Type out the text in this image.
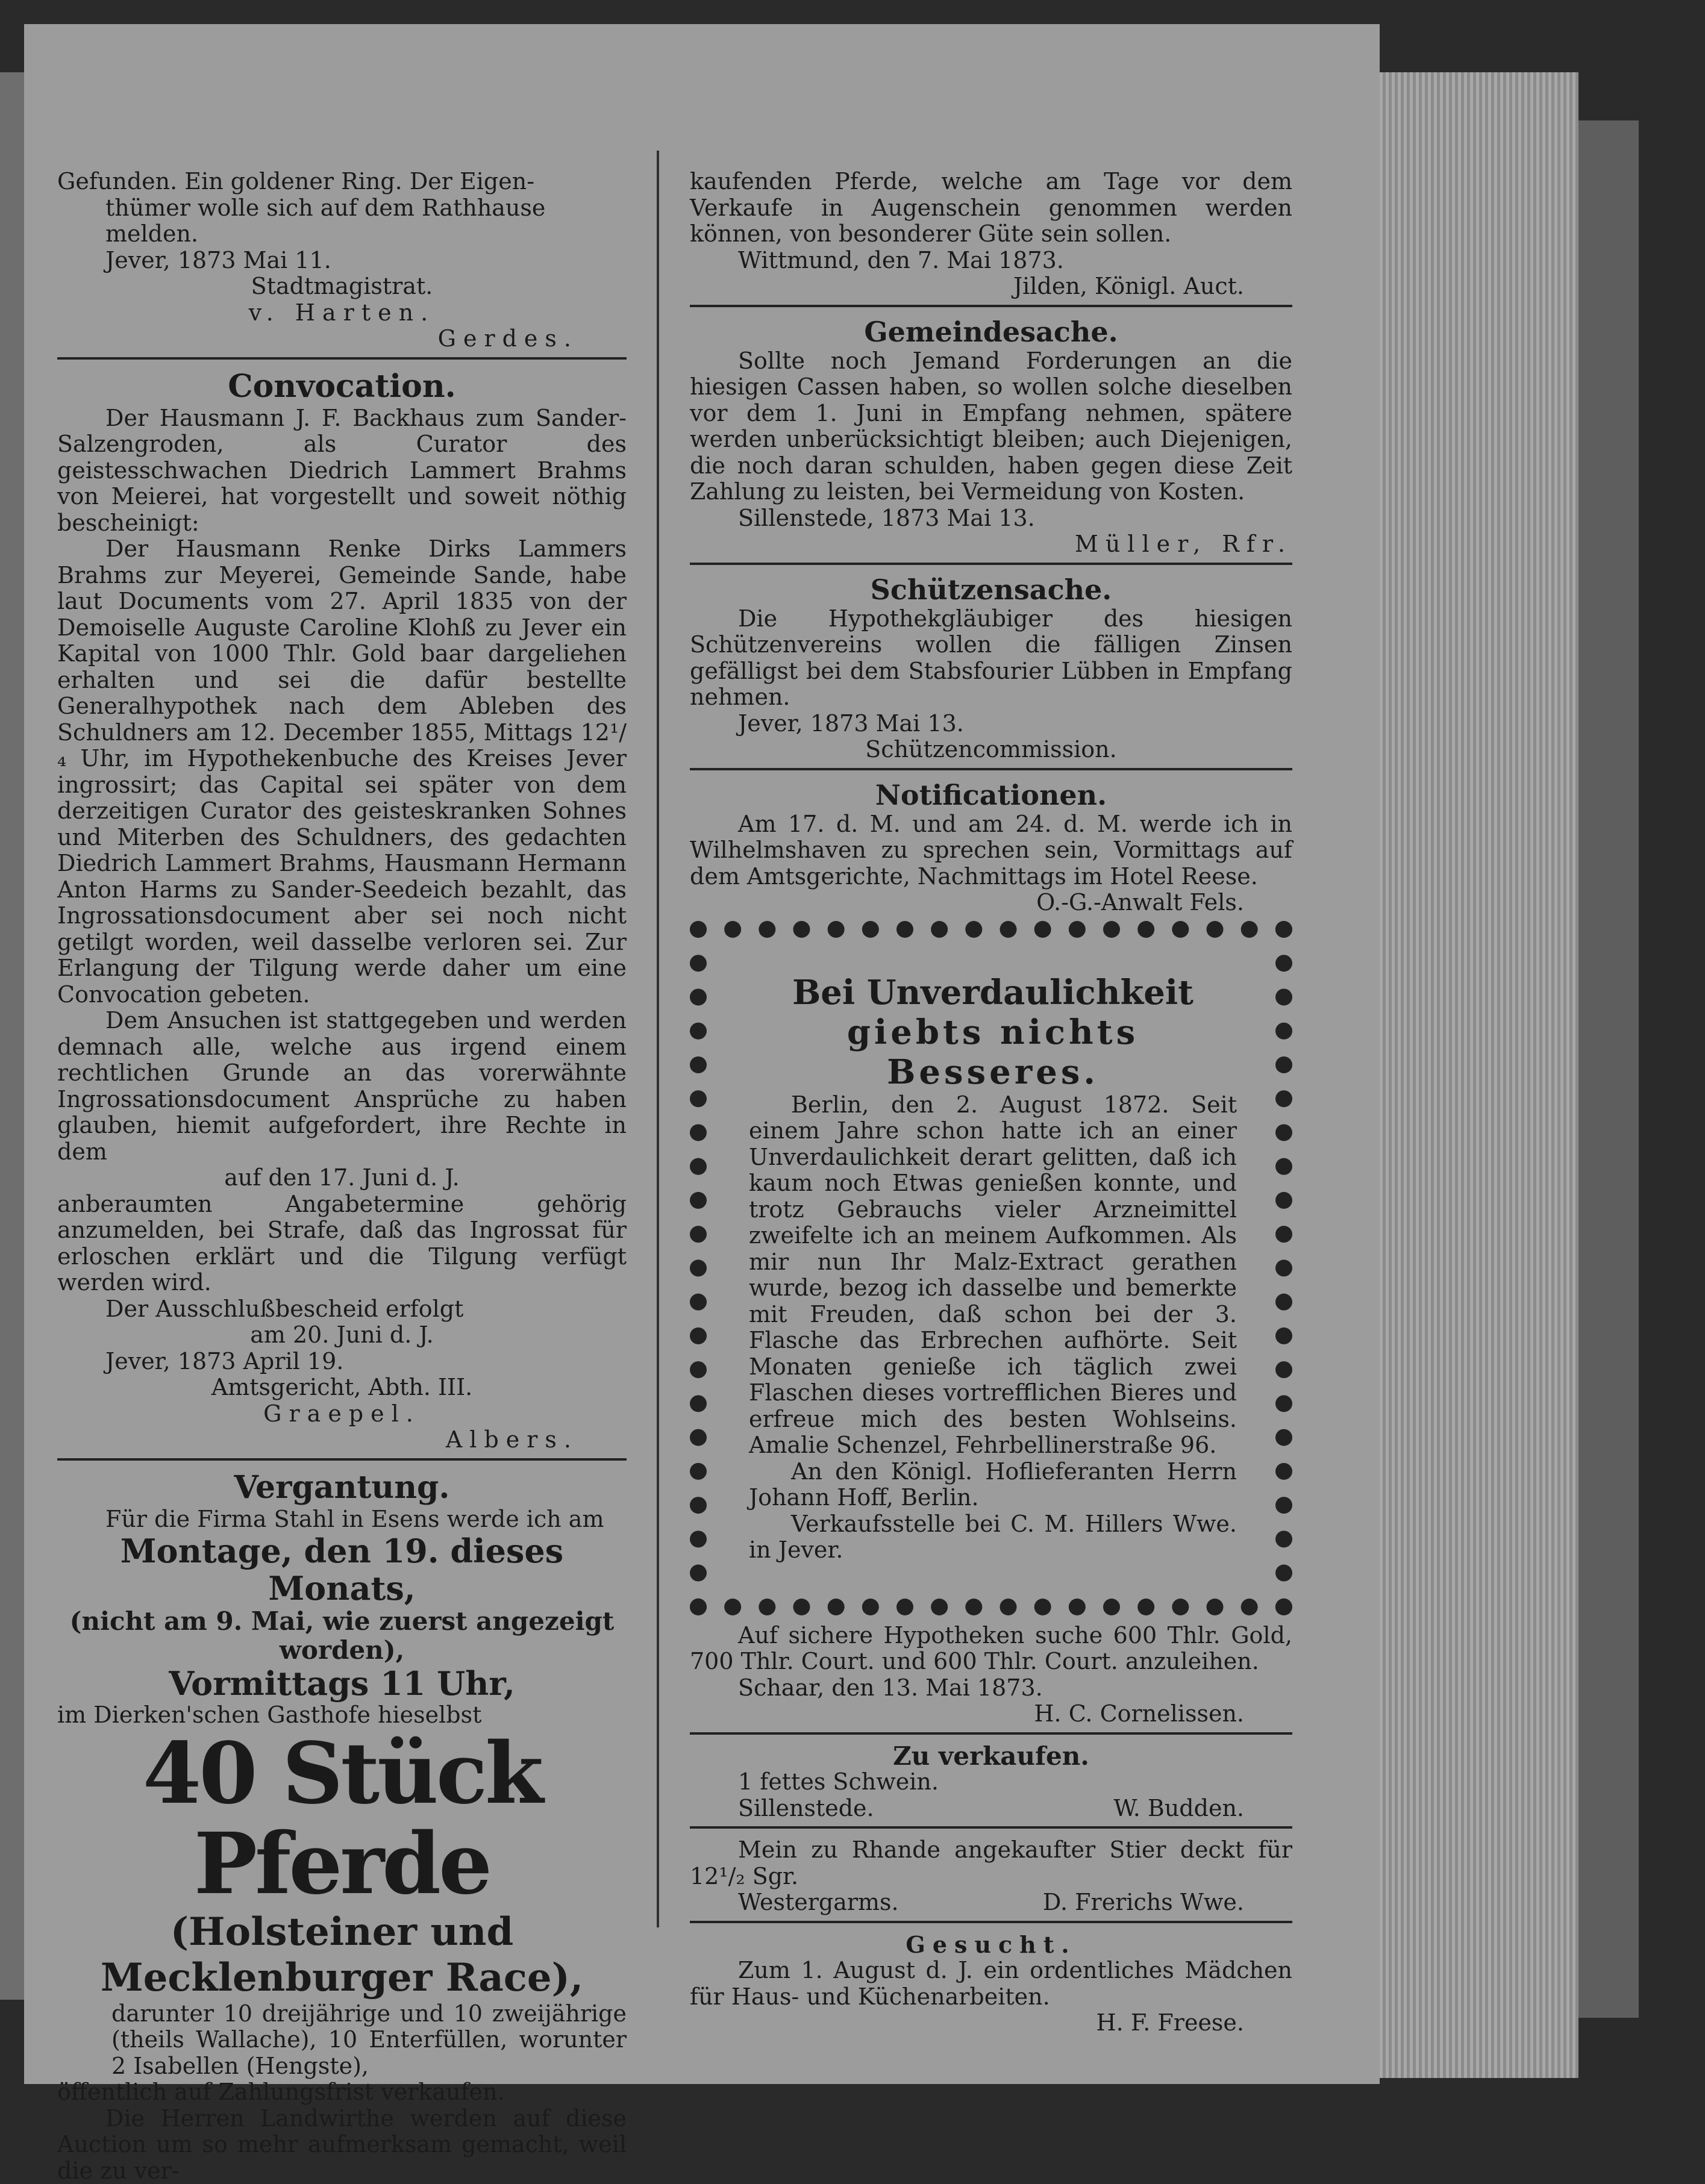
Gefunden. Ein goldener Ring. Der Eigen-

thümer wolle sich auf dem Rathhause melden.

Jever, 1873 Mai 11.

Stadtmagistrat.

v. Harten.

Gerdes.

Convocation.

Der Hausmann J. F. Backhaus zum Sander-Salzengroden, als Curator des geistesschwachen Diedrich Lammert Brahms von Meierei, hat vorgestellt und soweit nöthig bescheinigt:

Der Hausmann Renke Dirks Lammers Brahms zur Meyerei, Gemeinde Sande, habe laut Documents vom 27. April 1835 von der Demoiselle Auguste Caroline Klohß zu Jever ein Kapital von 1000 Thlr. Gold baar dargeliehen erhalten und sei die dafür bestellte Generalhypothek nach dem Ableben des Schuldners am 12. December 1855, Mittags 12¹/₄ Uhr, im Hypothekenbuche des Kreises Jever ingrossirt; das Capital sei später von dem derzeitigen Curator des geisteskranken Sohnes und Miterben des Schuldners, des gedachten Diedrich Lammert Brahms, Hausmann Hermann Anton Harms zu Sander-Seedeich bezahlt, das Ingrossationsdocument aber sei noch nicht getilgt worden, weil dasselbe verloren sei. Zur Erlangung der Tilgung werde daher um eine Convocation gebeten.

Dem Ansuchen ist stattgegeben und werden demnach alle, welche aus irgend einem rechtlichen Grunde an das vorerwähnte Ingrossationsdocument Ansprüche zu haben glauben, hiemit aufgefordert, ihre Rechte in dem

auf den 17. Juni d. J.

anberaumten Angabetermine gehörig anzumelden, bei Strafe, daß das Ingrossat für erloschen erklärt und die Tilgung verfügt werden wird.

Der Ausschlußbescheid erfolgt

am 20. Juni d. J.

Jever, 1873 April 19.

Amtsgericht, Abth. III.

Graepel.

Albers.

Vergantung.

Für die Firma Stahl in Esens werde ich am

Montage, den 19. dieses Monats,

(nicht am 9. Mai, wie zuerst angezeigt worden),

Vormittags 11 Uhr,

im Dierken'schen Gasthofe hieselbst

40 Stück Pferde

(Holsteiner und Mecklenburger Race),

darunter 10 dreijährige und 10 zweijährige (theils Wallache), 10 Enterfüllen, worunter 2 Isabellen (Hengste),

öffentlich auf Zahlungsfrist verkaufen.

Die Herren Landwirthe werden auf diese Auction um so mehr aufmerksam gemacht, weil die zu ver-

kaufenden Pferde, welche am Tage vor dem Verkaufe in Augenschein genommen werden können, von besonderer Güte sein sollen.

Wittmund, den 7. Mai 1873.

Jilden, Königl. Auct.

Gemeindesache.

Sollte noch Jemand Forderungen an die hiesigen Cassen haben, so wollen solche dieselben vor dem 1. Juni in Empfang nehmen, spätere werden unberücksichtigt bleiben; auch Diejenigen, die noch daran schulden, haben gegen diese Zeit Zahlung zu leisten, bei Vermeidung von Kosten.

Sillenstede, 1873 Mai 13.

Müller, Rfr.

Schützensache.

Die Hypothekgläubiger des hiesigen Schützenvereins wollen die fälligen Zinsen gefälligst bei dem Stabsfourier Lübben in Empfang nehmen.

Jever, 1873 Mai 13.

Schützencommission.

Notificationen.

Am 17. d. M. und am 24. d. M. werde ich in Wilhelmshaven zu sprechen sein, Vormittags auf dem Amtsgerichte, Nachmittags im Hotel Reese.

O.-G.-Anwalt Fels.

Bei Unverdaulichkeit

giebts nichts Besseres.

Berlin, den 2. August 1872. Seit einem Jahre schon hatte ich an einer Unverdaulichkeit derart gelitten, daß ich kaum noch Etwas genießen konnte, und trotz Gebrauchs vieler Arzneimittel zweifelte ich an meinem Aufkommen. Als mir nun Ihr Malz-Extract gerathen wurde, bezog ich dasselbe und bemerkte mit Freuden, daß schon bei der 3. Flasche das Erbrechen aufhörte. Seit Monaten genieße ich täglich zwei Flaschen dieses vortrefflichen Bieres und erfreue mich des besten Wohlseins. Amalie Schenzel, Fehrbellinerstraße 96.

An den Königl. Hoflieferanten Herrn Johann Hoff, Berlin.

Verkaufsstelle bei C. M. Hillers Wwe. in Jever.

Auf sichere Hypotheken suche 600 Thlr. Gold, 700 Thlr. Court. und 600 Thlr. Court. anzuleihen.

Schaar, den 13. Mai 1873.

H. C. Cornelissen.

Zu verkaufen.

1 fettes Schwein.

Sillenstede.	W. Budden.

Mein zu Rhande angekaufter Stier deckt für 12¹/₂ Sgr.

Westergarms.	D. Frerichs Wwe.

Gesucht.

Zum 1. August d. J. ein ordentliches Mädchen für Haus- und Küchenarbeiten.

H. F. Freese.
